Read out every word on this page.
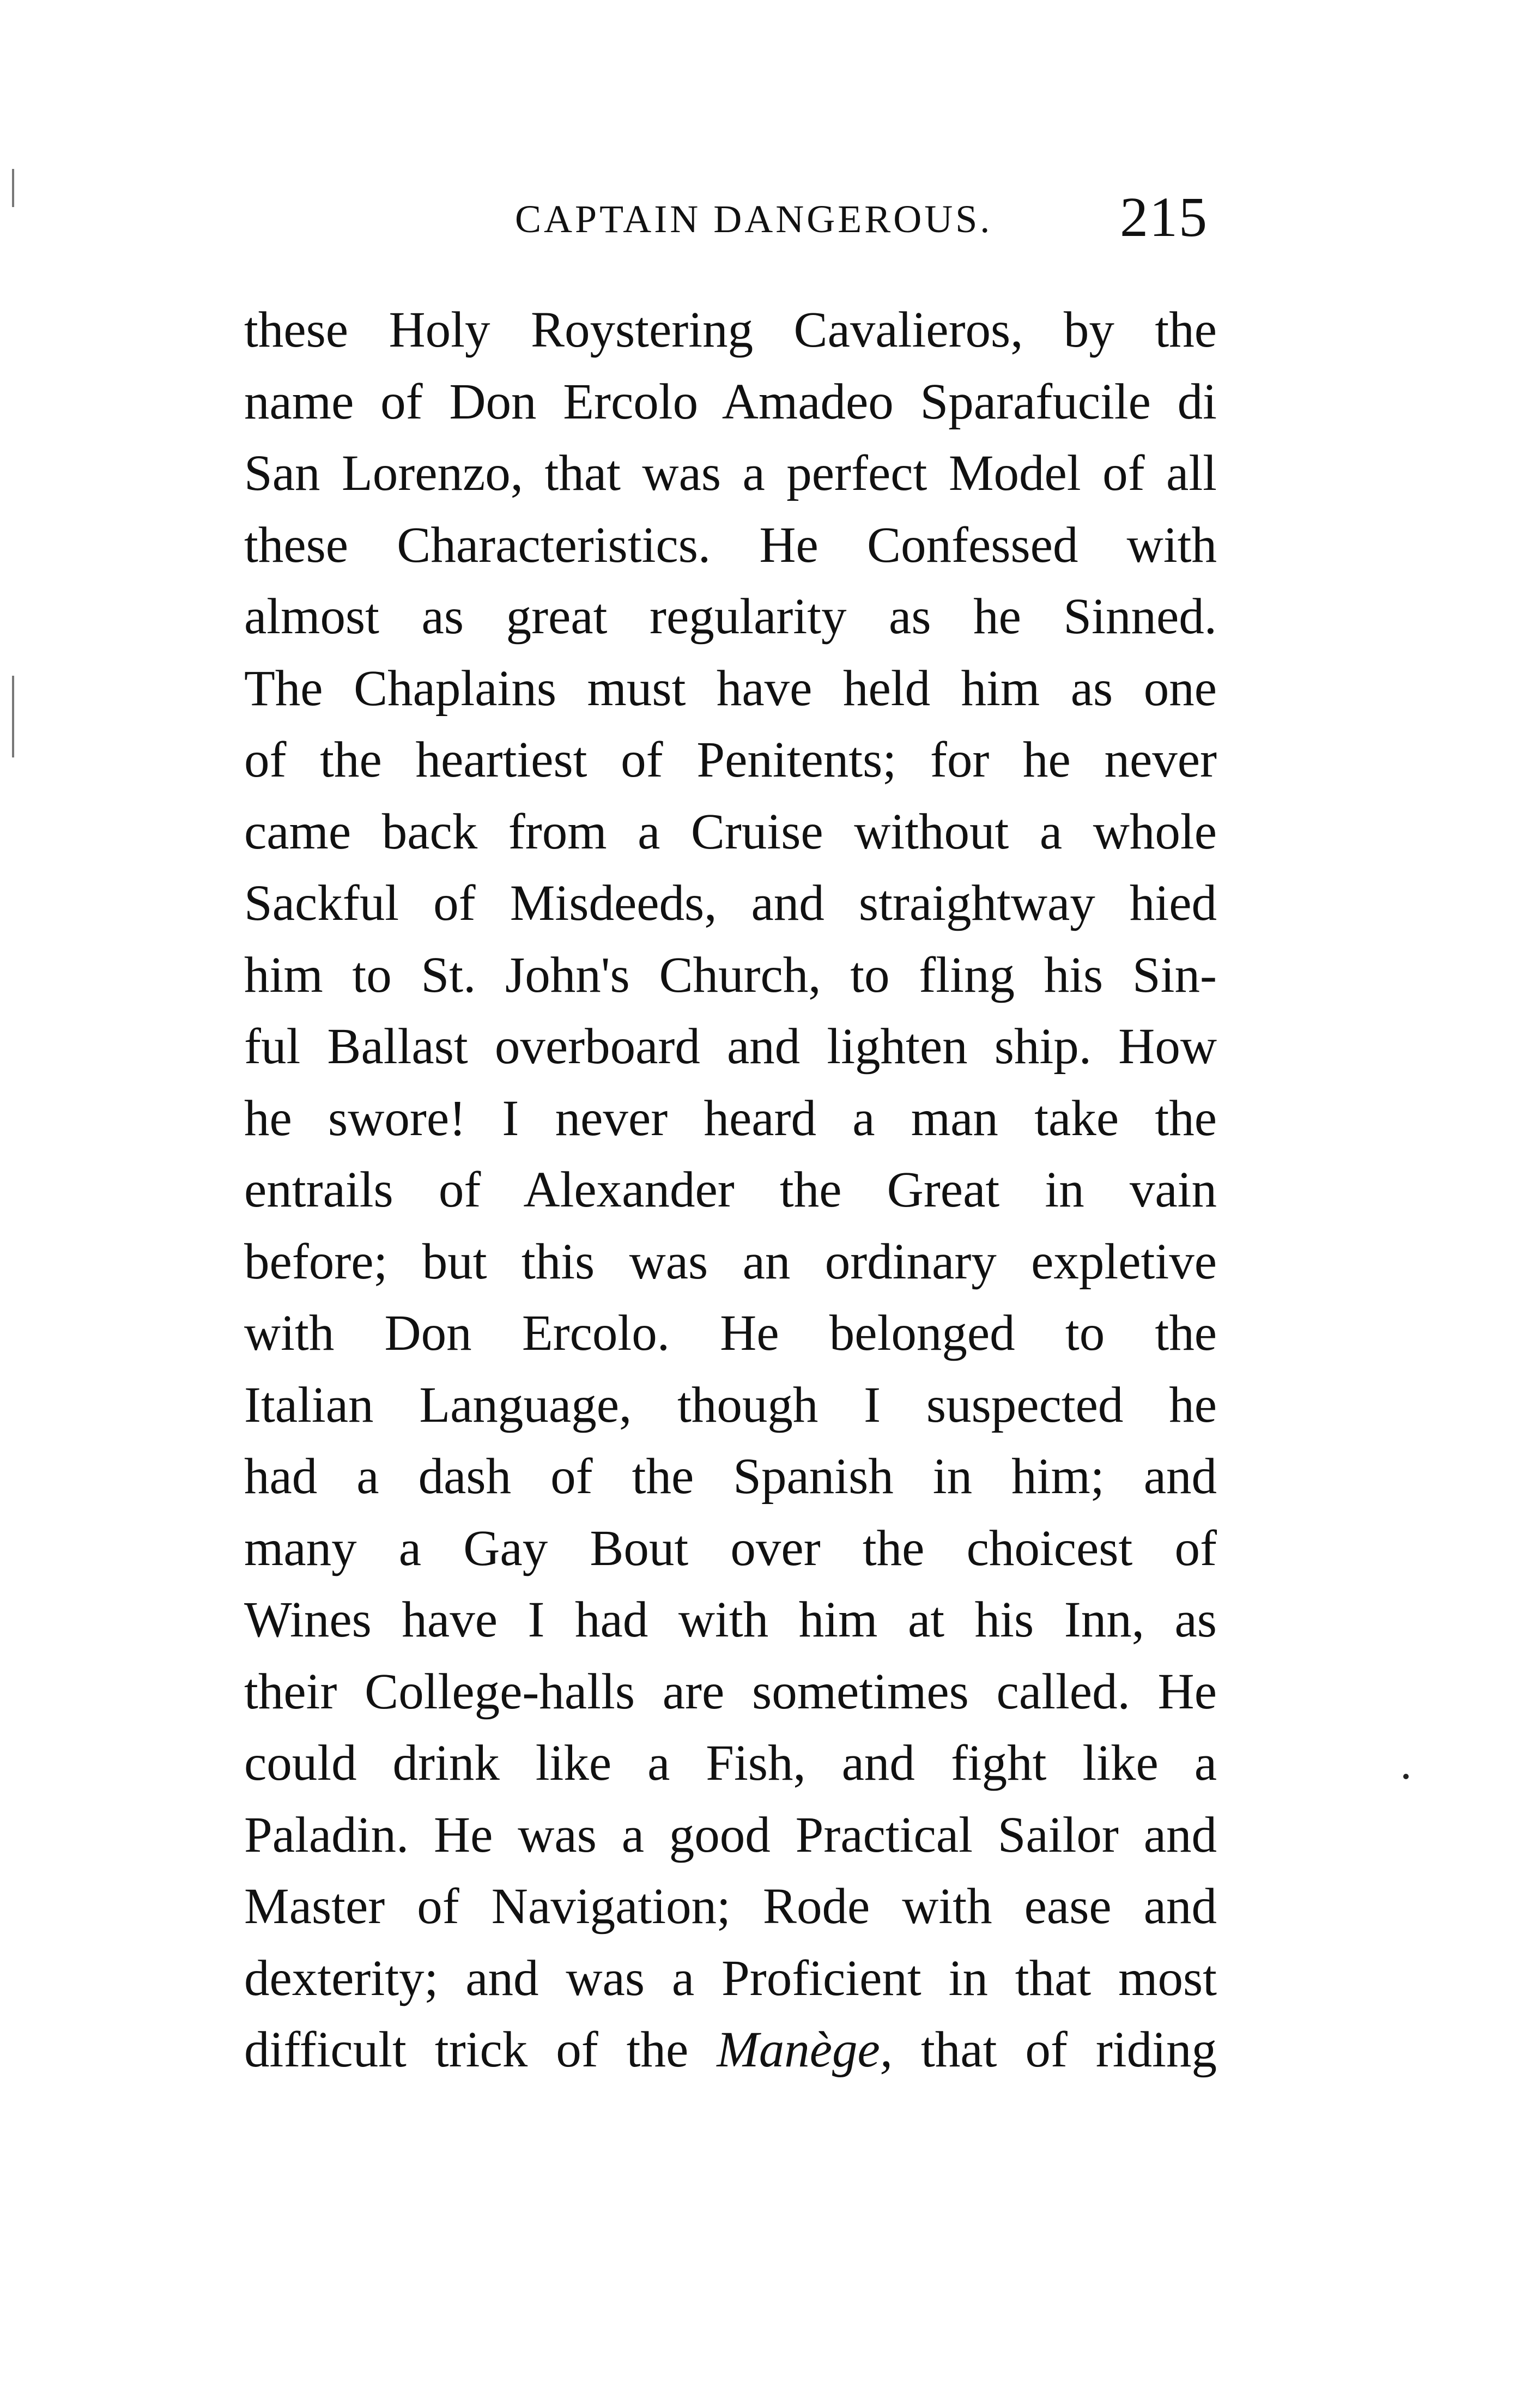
CAPTAIN DANGEROUS. 215
these Holy Roystering Cavalieros, by the
name of Don Ercolo Amadeo Sparafucile di
San Lorenzo, that was a perfect Model of all
these Characteristics. He Confessed with
almost as great regularity as he Sinned.
The Chaplains must have held him as one
of the heartiest of Penitents; for he never
came back from a Cruise without a whole
Sackful of Misdeeds, and straightway hied
him to St. John's Church, to fling his Sin-
ful Ballast overboard and lighten ship. How
he swore! I never heard a man take the
entrails of Alexander the Great in vain
before; but this was an ordinary expletive
with Don Ercolo. He belonged to the
Italian Language, though I suspected he
had a dash of the Spanish in him; and
many a Gay Bout over the choicest of
Wines have I had with him at his Inn, as
their College-halls are sometimes called. He
could drink like a Fish, and fight like a
Paladin. He was a good Practical Sailor and
Master of Navigation; Rode with ease and
dexterity; and was a Proficient in that most
difficult trick of the Manège, that of riding
